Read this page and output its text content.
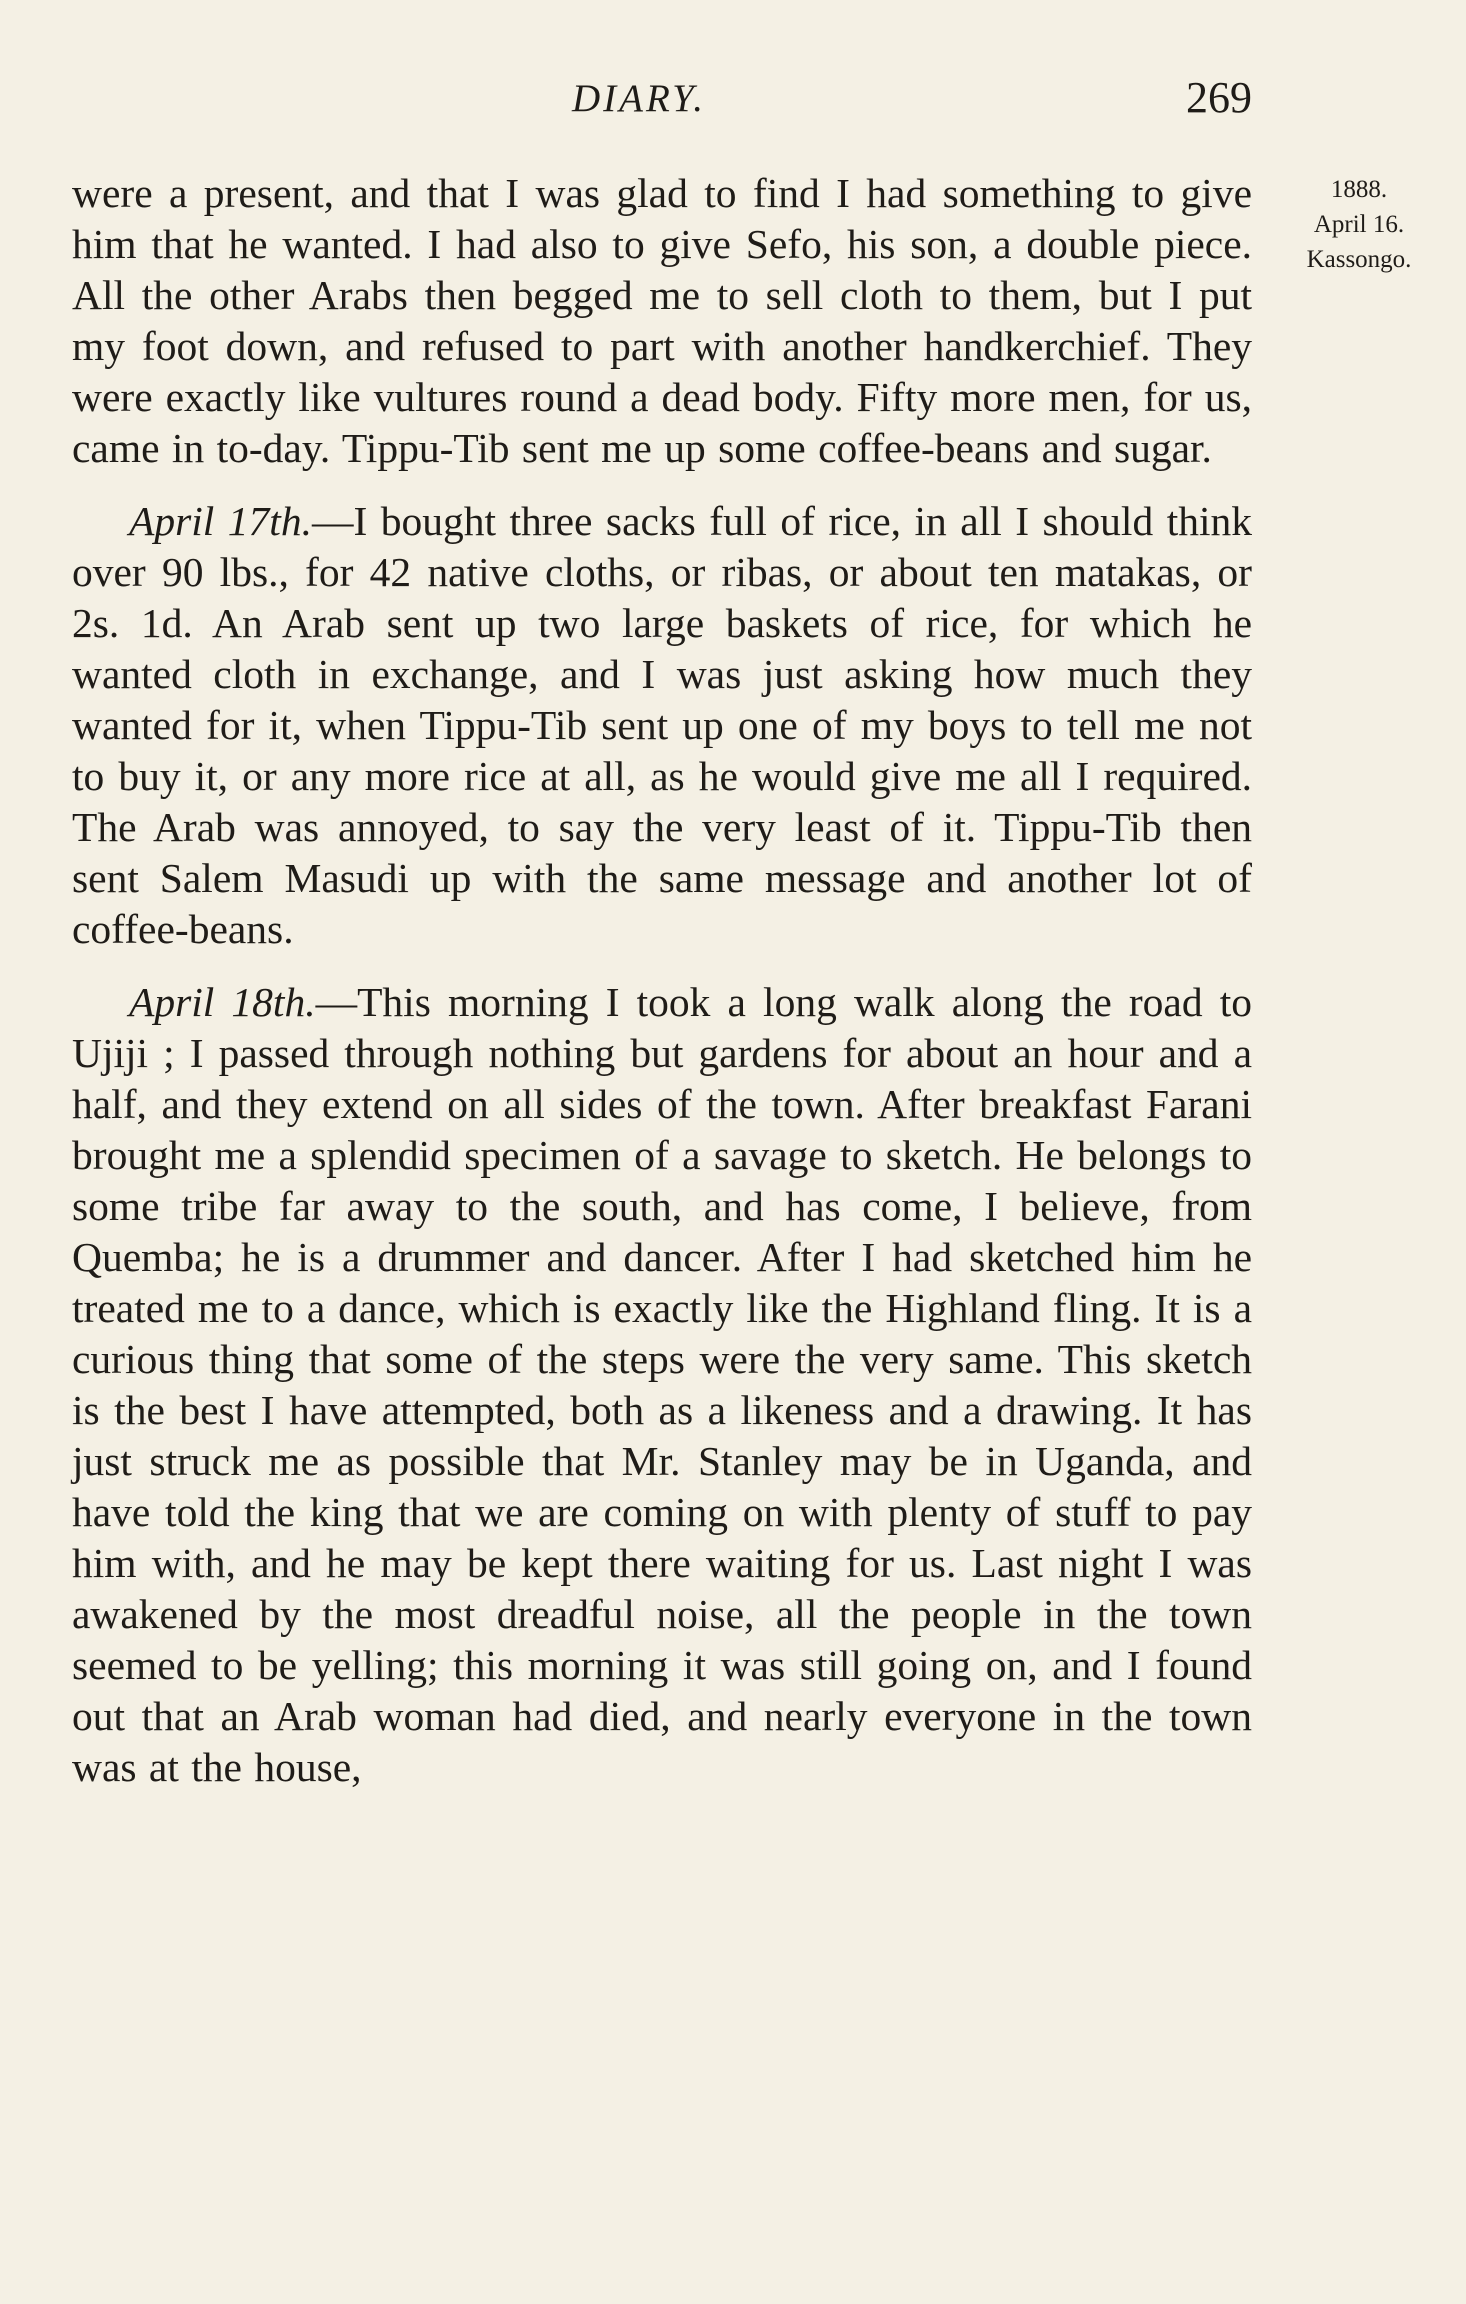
DIARY.	269
1888.
April 16.
Kassongo.

were a present, and that I was glad to find I had something to give him that he wanted. I had also to give Sefo, his son, a double piece. All the other Arabs then begged me to sell cloth to them, but I put my foot down, and refused to part with another handkerchief. They were exactly like vultures round a dead body. Fifty more men, for us, came in to-day. Tippu-Tib sent me up some coffee-beans and sugar.

April 17th.—I bought three sacks full of rice, in all I should think over 90 lbs., for 42 native cloths, or ribas, or about ten matakas, or 2s. 1d. An Arab sent up two large baskets of rice, for which he wanted cloth in exchange, and I was just asking how much they wanted for it, when Tippu-Tib sent up one of my boys to tell me not to buy it, or any more rice at all, as he would give me all I required. The Arab was annoyed, to say the very least of it. Tippu-Tib then sent Salem Masudi up with the same message and another lot of coffee-beans.

April 18th.—This morning I took a long walk along the road to Ujiji ; I passed through nothing but gardens for about an hour and a half, and they extend on all sides of the town. After breakfast Farani brought me a splendid specimen of a savage to sketch. He belongs to some tribe far away to the south, and has come, I believe, from Quemba; he is a drummer and dancer. After I had sketched him he treated me to a dance, which is exactly like the Highland fling. It is a curious thing that some of the steps were the very same. This sketch is the best I have attempted, both as a likeness and a drawing. It has just struck me as possible that Mr. Stanley may be in Uganda, and have told the king that we are coming on with plenty of stuff to pay him with, and he may be kept there waiting for us. Last night I was awakened by the most dreadful noise, all the people in the town seemed to be yelling; this morning it was still going on, and I found out that an Arab woman had died, and nearly everyone in the town was at the house,
